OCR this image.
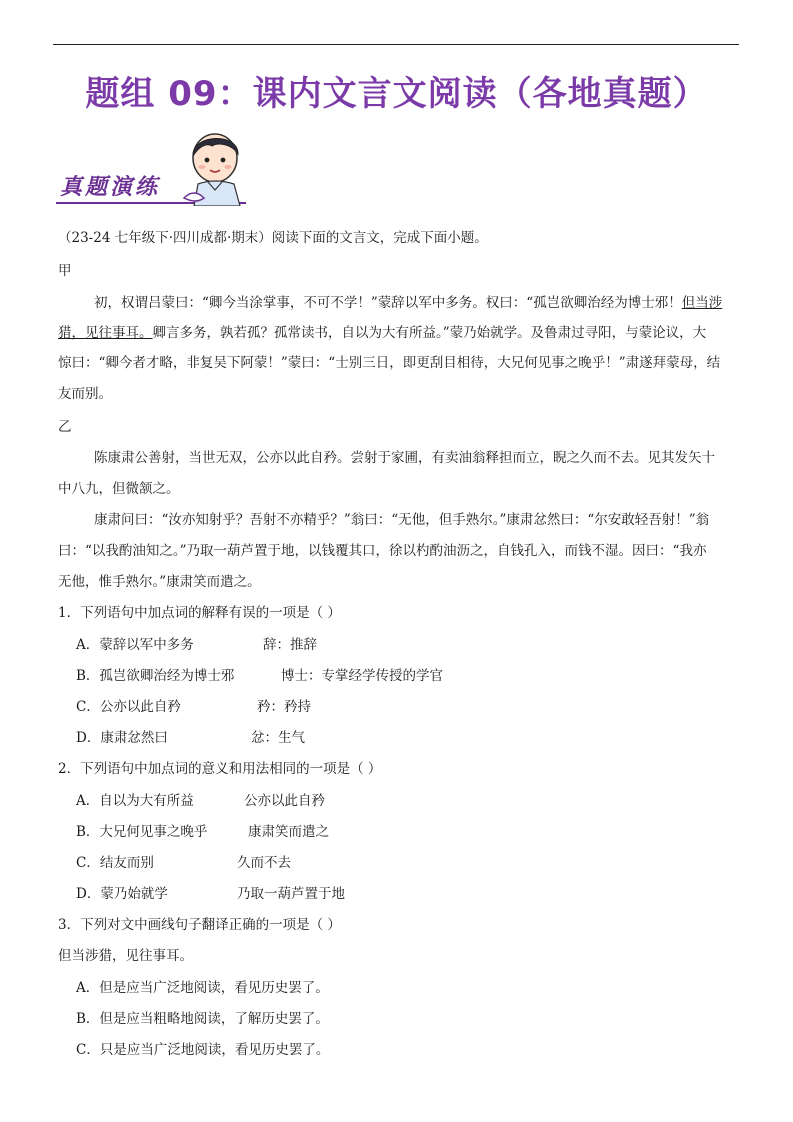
题组 09：课内文言文阅读（各地真题）
真题演练
（23-24 七年级下·四川成都·期末）阅读下面的文言文，完成下面小题。
甲
初，权谓吕蒙曰：“卿今当涂掌事，不可不学！”蒙辞以军中多务。权曰：“孤岂欲卿治经为博士邪！但当涉
猎，见往事耳。卿言多务，孰若孤？孤常读书，自以为大有所益。”蒙乃始就学。及鲁肃过寻阳，与蒙论议，大
惊曰：“卿今者才略，非复吴下阿蒙！”蒙曰：“士别三日，即更刮目相待，大兄何见事之晚乎！”肃遂拜蒙母，结
友而别。
乙
陈康肃公善射，当世无双，公亦以此自矜。尝射于家圃，有卖油翁释担而立，睨之久而不去。见其发矢十
中八九，但微颔之。
康肃问曰：“汝亦知射乎？吾射不亦精乎？”翁曰：“无他，但手熟尔。”康肃忿然曰：“尔安敢轻吾射！”翁
曰：“以我酌油知之。”乃取一葫芦置于地，以钱覆其口，徐以杓酌油沥之，自钱孔入，而钱不湿。因曰：“我亦
无他，惟手熟尔。”康肃笑而遣之。
1．下列语句中加点词的解释有误的一项是（ ）
A．蒙辞以军中多务	辞：推辞
B．孤岂欲卿治经为博士邪	博士：专掌经学传授的学官
C．公亦以此自矜	矜：矜持
D．康肃忿然曰	忿：生气
2．下列语句中加点词的意义和用法相同的一项是（ ）
A．自以为大有所益	公亦以此自矜
B．大兄何见事之晚乎	康肃笑而遣之
C．结友而别	久而不去
D．蒙乃始就学	乃取一葫芦置于地
3．下列对文中画线句子翻译正确的一项是（ ）
但当涉猎，见往事耳。
A．但是应当广泛地阅读，看见历史罢了。
B．但是应当粗略地阅读，了解历史罢了。
C．只是应当广泛地阅读，看见历史罢了。
